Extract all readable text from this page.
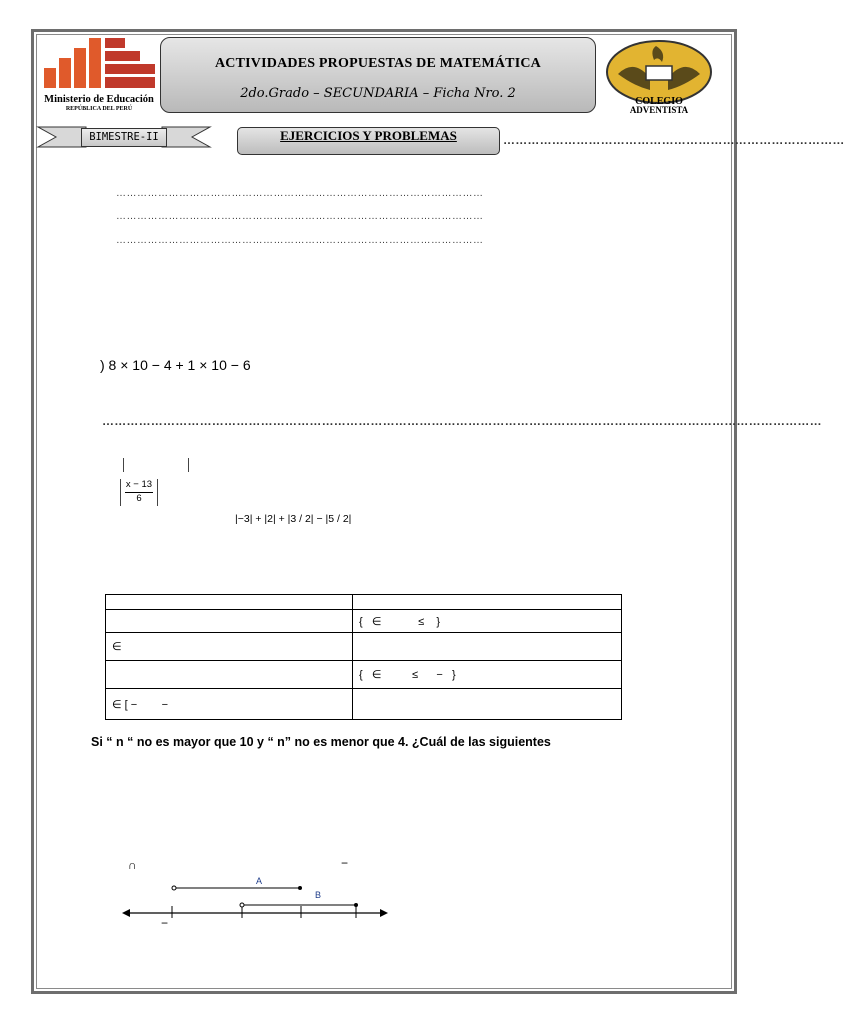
Ministerio de Educación
REPÚBLICA DEL PERÚ
ACTIVIDADES PROPUESTAS DE MATEMÁTICA
2do.Grado – SECUNDARIA – Ficha Nro. 2
COLEGIO
ADVENTISTA
BIMESTRE-II	EJERCICIOS Y PROBLEMAS	…………………………………………………………………………
……………………………………………………………………………………………
……………………………………………………………………………………………
……………………………………………………………………………………………
) 8 × 10 − 4 + 1 × 10 − 6
……………………………………………………………………………………………………………………………………………………………
x − 13
6
|−3| + |2| + |3 / 2| − |5 / 2|

	{   ∈            ≤    }
∈	
	{   ∈          ≤      −   }
∈ [ −        −	
Si “ n “ no es mayor que 10 y “ n” no es menor que 4. ¿Cuál de las siguientes
∩	−
−
A
B
